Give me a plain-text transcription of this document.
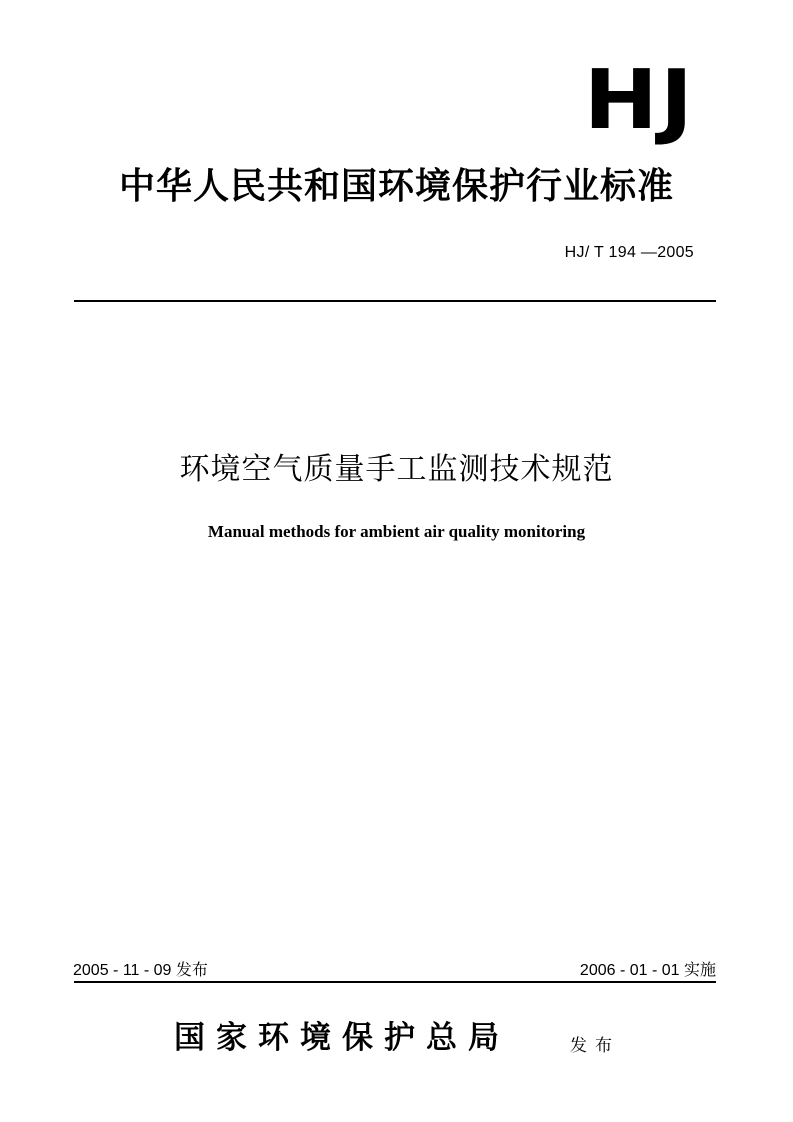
HJ
中华人民共和国环境保护行业标准
HJ/ T 194 —2005
环境空气质量手工监测技术规范
Manual methods for ambient air quality monitoring
2005 - 11 - 09 发布	2006 - 01 - 01 实施
国家环境保护总局	发布
